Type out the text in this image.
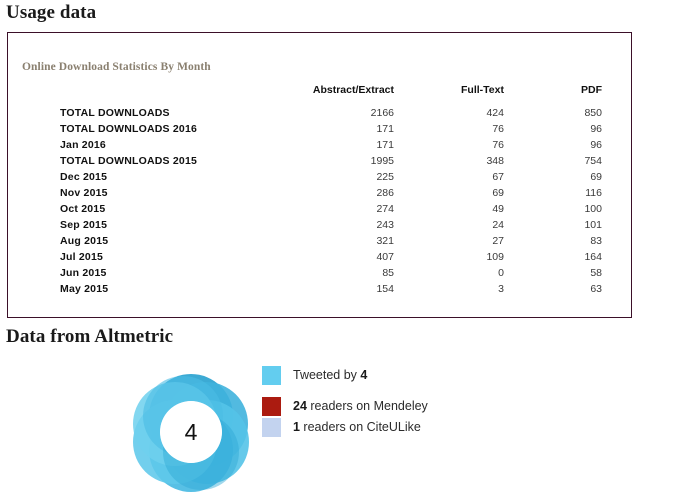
Usage data
Online Download Statistics By Month
	Abstract/Extract	Full-Text	PDF
TOTAL DOWNLOADS	2166	424	850
TOTAL DOWNLOADS 2016	171	76	96
Jan 2016	171	76	96
TOTAL DOWNLOADS 2015	1995	348	754
Dec 2015	225	67	69
Nov 2015	286	69	116
Oct 2015	274	49	100
Sep 2015	243	24	101
Aug 2015	321	27	83
Jul 2015	407	109	164
Jun 2015	85	0	58
May 2015	154	3	63
Data from Altmetric
4
Tweeted by 4
24 readers on Mendeley
1 readers on CiteULike
